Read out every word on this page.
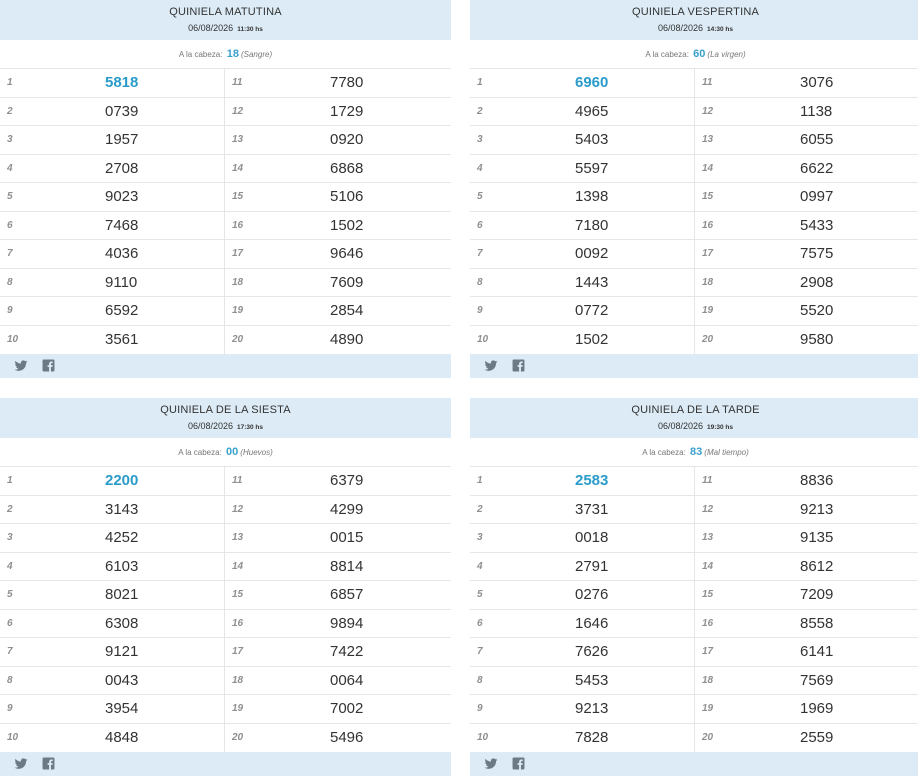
QUINIELA MATUTINA
06/08/2026 11:30 hs
A la cabeza: 18 (Sangre)
1	5818	11	7780
2	0739	12	1729
3	1957	13	0920
4	2708	14	6868
5	9023	15	5106
6	7468	16	1502
7	4036	17	9646
8	9110	18	7609
9	6592	19	2854
10	3561	20	4890
QUINIELA VESPERTINA
06/08/2026 14:30 hs
A la cabeza: 60 (La virgen)
1	6960	11	3076
2	4965	12	1138
3	5403	13	6055
4	5597	14	6622
5	1398	15	0997
6	7180	16	5433
7	0092	17	7575
8	1443	18	2908
9	0772	19	5520
10	1502	20	9580
QUINIELA DE LA SIESTA
06/08/2026 17:30 hs
A la cabeza: 00 (Huevos)
1	2200	11	6379
2	3143	12	4299
3	4252	13	0015
4	6103	14	8814
5	8021	15	6857
6	6308	16	9894
7	9121	17	7422
8	0043	18	0064
9	3954	19	7002
10	4848	20	5496
QUINIELA DE LA TARDE
06/08/2026 19:30 hs
A la cabeza: 83 (Mal tiempo)
1	2583	11	8836
2	3731	12	9213
3	0018	13	9135
4	2791	14	8612
5	0276	15	7209
6	1646	16	8558
7	7626	17	6141
8	5453	18	7569
9	9213	19	1969
10	7828	20	2559
